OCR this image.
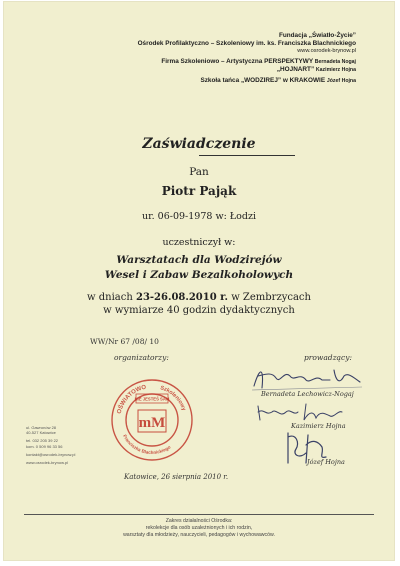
Fundacja „Światło-Życie”
Ośrodek Profilaktyczno – Szkoleniowy im. ks. Franciszka Blachnickiego
www.osrodek-brynow.pl
Firma Szkoleniowo – Artystyczna PERSPEKTYWY Bernadeta Nogaj
„HOJNART” Kazimierz Hojna
Szkoła tańca „WODZIREJ” w KRAKOWIE Józef Hojna
Zaświadczenie
Pan
Piotr Pająk
ur. 06-09-1978 w: Łodzi
uczestniczył w:
Warsztatach dla Wodzirejów
Wesel i Zabaw Bezalkoholowych
w dniach 23-26.08.2010 r. w Zembrzycach
w wymiarze 40 godzin dydaktycznych
WW/Nr 67 /08/ 10
organizatorzy:	prowadzący:
OŚWIATOWO Szkoleniowy
Franciszka Blachnickiego
NIE JESTEŚ SAM
mM
Bernadeta Lechowicz-Nogaj
Kazimierz Hojna
Józef Hojna
ul. Gawronów 28
40-527 Katowice
tel. 032 205 39 22
kom. 0 509 96 33 56
kontakt@osrodek-brynow.pl
www.osrodek-brynow.pl
Katowice, 26 sierpnia 2010 r.
Zakres działalności Ośrodka:
rekolekcje dla osób uzależnionych i ich rodzin,
warsztaty dla młodzieży, nauczycieli, pedagogów i wychowawców.
